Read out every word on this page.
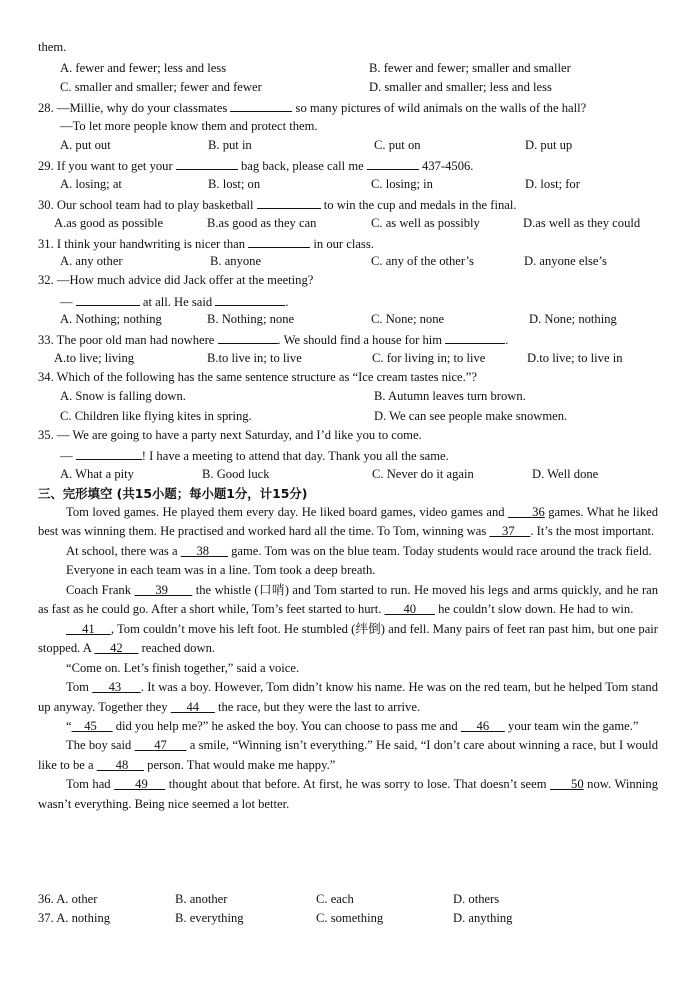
them.
A. fewer and fewer; less and less	B. fewer and fewer; smaller and smaller
C. smaller and smaller; fewer and fewer	D. smaller and smaller; less and less
28. —Millie, why do your classmates	so many pictures of wild animals on the walls of the hall?
—To let more people know them and protect them.
A. put out	B. put in	C. put on	D. put up
29. If you want to get your	bag back, please call me	437-4506.
A. losing; at	B. lost; on	C. losing; in	D. lost; for
30. Our school team had to play basketball	to win the cup and medals in the final.
A.as good as possible	B.as good as they can	C. as well as possibly	D.as well as they could
31. I think your handwriting is nicer than	in our class.
A. any other	B. anyone	C. any of the other’s	D. anyone else’s
32. —How much advice did Jack offer at the meeting?
—	at all. He said	.
A. Nothing; nothing	B. Nothing; none	C. None; none	D. None; nothing
33. The poor old man had nowhere	. We should find a house for him	.
A.to live; living	B.to live in; to live	C. for living in; to live	D.to live; to live in
34. Which of the following has the same sentence structure as “Ice cream tastes nice.”?
A. Snow is falling down.	B. Autumn leaves turn brown.
C. Children like flying kites in spring.	D. We can see people make snowmen.
35. — We are going to have a party next Saturday, and I’d like you to come.
—	! I have a meeting to attend that day. Thank you all the same.
A. What a pity	B. Good luck	C. Never do it again	D. Well done
三、完形填空 (共15小题；每小题1分，计15分)

Tom loved games. He played them every day. He liked board games, video games and 36 games. What he liked best was winning them. He practised and worked hard all the time. To Tom, winning was 37 . It’s the most important.

At school, there was a 38 game. Tom was on the blue team. Today students would race around the track field.

Everyone in each team was in a line. Tom took a deep breath.

Coach Frank 39 the whistle (口哨) and Tom started to run. He moved his legs and arms quickly, and he ran as fast as he could go. After a short while, Tom’s feet started to hurt. 40 he couldn’t slow down. He had to win.

41 , Tom couldn’t move his left foot. He stumbled (绊倒) and fell. Many pairs of feet ran past him, but one pair stopped. A 42 reached down.

“Come on. Let’s finish together,” said a voice.

Tom 43 . It was a boy. However, Tom didn’t know his name. He was on the red team, but he helped Tom stand up anyway. Together they 44 the race, but they were the last to arrive.

“ 45 did you help me?” he asked the boy. You can choose to pass me and 46 your team win the game.”

The boy said 47 a smile, “Winning isn’t everything.” He said, “I don’t care about winning a race, but I would like to be a 48 person. That would make me happy.”

Tom had 49 thought about that before. At first, he was sorry to lose. That doesn’t seem 50 now. Winning wasn’t everything. Being nice seemed a lot better.

36. A. other	B. another	C. each	D. others
37. A. nothing	B. everything	C. something	D. anything
